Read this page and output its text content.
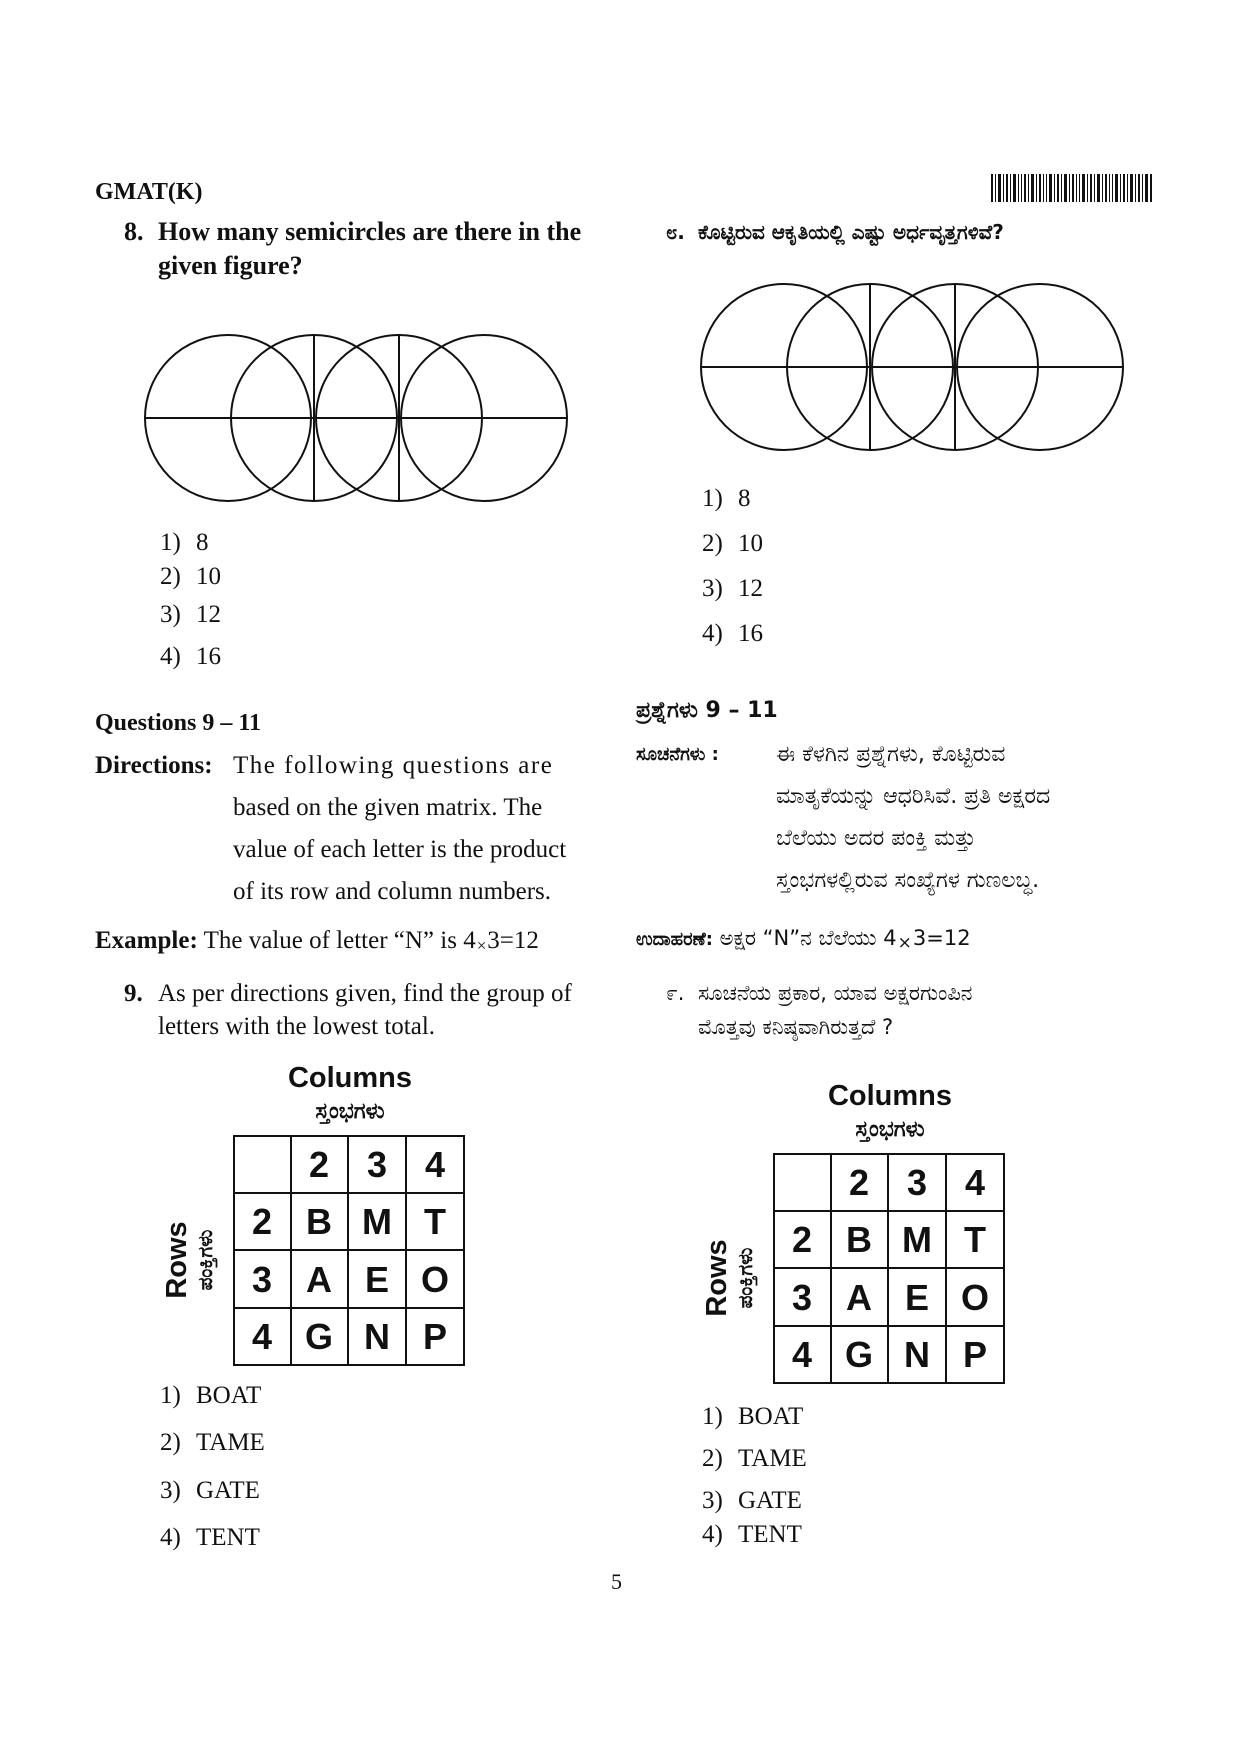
GMAT(K)
8. How many semicircles are there in the
given figure?
1) 8
2) 10
3) 12
4) 16
Questions 9 – 11
Directions: The following questions are
based on the given matrix. The
value of each letter is the product
of its row and column numbers.
Example: The value of letter “N” is 4×3=12
9. As per directions given, find the group of
letters with the lowest total.
Columns
ಸ್ತಂಭಗಳು
Rows ಪಂಕ್ತಿಗಳು
2 3 4
2 B M T
3 A E O
4 G N P
1) BOAT
2) TAME
3) GATE
4) TENT
೮. ಕೊಟ್ಟಿರುವ ಆಕೃತಿಯಲ್ಲಿ ಎಷ್ಟು ಅರ್ಧವೃತ್ತಗಳಿವೆ?
1) 8
2) 10
3) 12
4) 16
ಪ್ರಶ್ನೆಗಳು 9 – 11
ಸೂಚನೆಗಳು :	ಈ ಕೆಳಗಿನ ಪ್ರಶ್ನೆಗಳು, ಕೊಟ್ಟಿರುವ
ಮಾತೃಕೆಯನ್ನು ಆಧರಿಸಿವೆ. ಪ್ರತಿ ಅಕ್ಷರದ
ಬೆಲೆಯು ಅದರ ಪಂಕ್ತಿ ಮತ್ತು
ಸ್ತಂಭಗಳಲ್ಲಿರುವ ಸಂಖ್ಯೆಗಳ ಗುಣಲಬ್ಧ.
ಉದಾಹರಣೆ: ಅಕ್ಷರ “N”ನ ಬೆಲೆಯು 4×3=12
೯. ಸೂಚನೆಯ ಪ್ರಕಾರ, ಯಾವ ಅಕ್ಷರಗುಂಪಿನ
ಮೊತ್ತವು ಕನಿಷ್ಠವಾಗಿರುತ್ತದೆ ?
Columns
ಸ್ತಂಭಗಳು
Rows ಪಂಕ್ತಿಗಳು
2 3 4
2 B M T
3 A E O
4 G N P
1) BOAT
2) TAME
3) GATE
4) TENT
5
